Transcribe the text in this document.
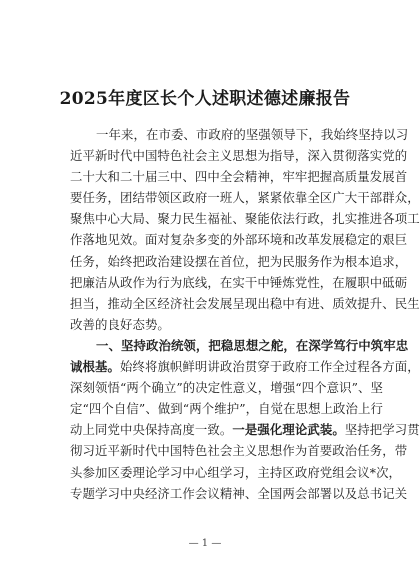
2025年度区长个人述职述德述廉报告
一年来，在市委、市政府的坚强领导下，我始终坚持以习
近平新时代中国特色社会主义思想为指导，深入贯彻落实党的
二十大和二十届三中、四中全会精神，牢牢把握高质量发展首
要任务，团结带领区政府一班人，紧紧依靠全区广大干部群众，
聚焦中心大局、聚力民生福祉、聚能依法行政，扎实推进各项工
作落地见效。面对复杂多变的外部环境和改革发展稳定的艰巨
任务，始终把政治建设摆在首位，把为民服务作为根本追求，
把廉洁从政作为行为底线，在实干中锤炼党性，在履职中砥砺
担当，推动全区经济社会发展呈现出稳中有进、质效提升、民生
改善的良好态势。
一、坚持政治统领，把稳思想之舵，在深学笃行中筑牢忠
诚根基。始终将旗帜鲜明讲政治贯穿于政府工作全过程各方面，
深刻领悟“两个确立”的决定性意义，增强“四个意识”、坚
定“四个自信”、做到“两个维护”，自觉在思想上政治上行
动上同党中央保持高度一致。一是强化理论武装。坚持把学习贯
彻习近平新时代中国特色社会主义思想作为首要政治任务，带
头参加区委理论学习中心组学习，主持区政府党组会议*次，
专题学习中央经济工作会议精神、全国两会部署以及总书记关
— 1 —
